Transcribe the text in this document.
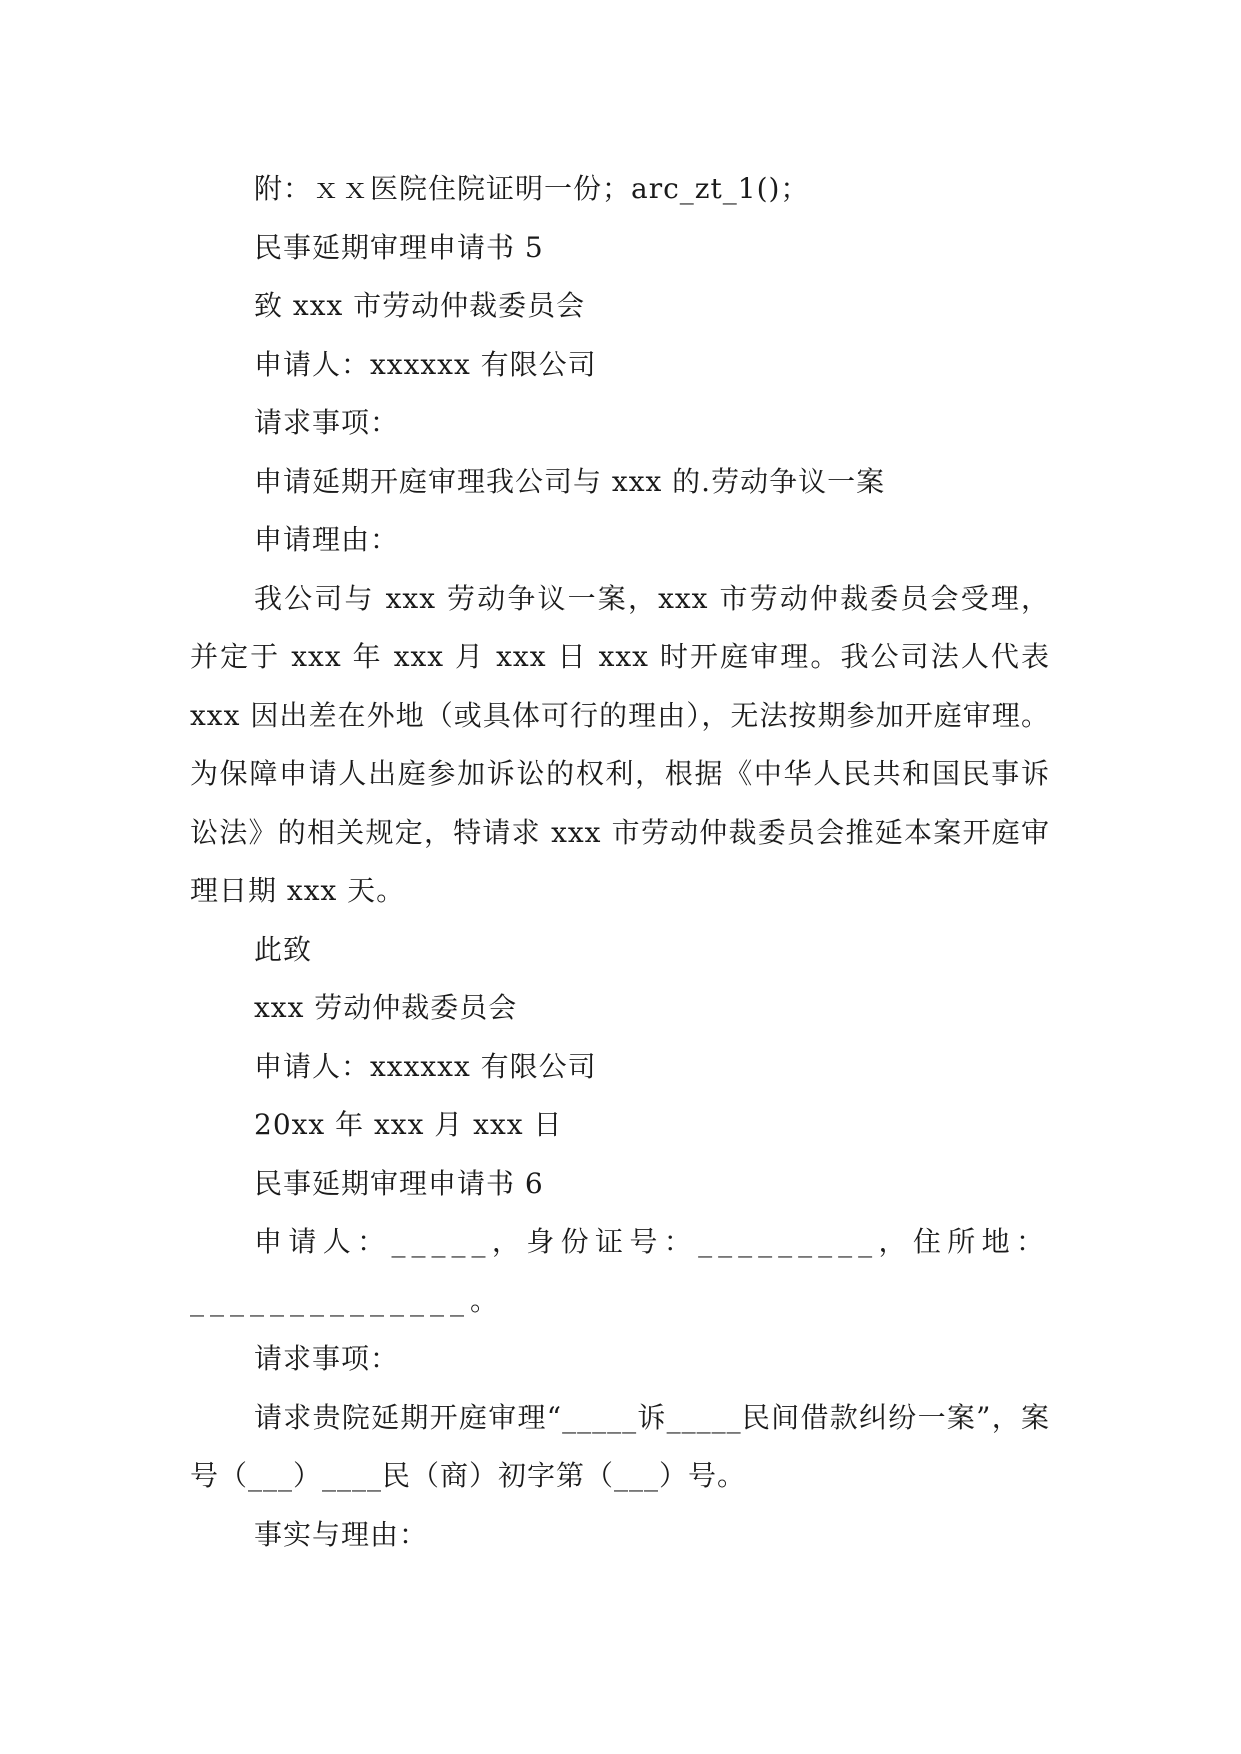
附：ｘｘ医院住院证明一份；arc_zt_1()；
民事延期审理申请书 5
致 xxx 市劳动仲裁委员会
申请人：xxxxxx 有限公司
请求事项：
申请延期开庭审理我公司与 xxx 的.劳动争议一案
申请理由：
我公司与 xxx 劳动争议一案，xxx 市劳动仲裁委员会受理，并定于 xxx 年 xxx 月 xxx 日 xxx 时开庭审理。我公司法人代表 xxx 因出差在外地（或具体可行的理由），无法按期参加开庭审理。为保障申请人出庭参加诉讼的权利，根据《中华人民共和国民事诉讼法》的相关规定，特请求 xxx 市劳动仲裁委员会推延本案开庭审理日期 xxx 天。
此致
xxx 劳动仲裁委员会
申请人：xxxxxx 有限公司
20xx 年 xxx 月 xxx 日
民事延期审理申请书 6
申请人：_____，身份证号：_________，住所地：______________。
请求事项：
请求贵院延期开庭审理“_____诉_____民间借款纠纷一案”，案号（___）____民（商）初字第（___）号。
事实与理由：
